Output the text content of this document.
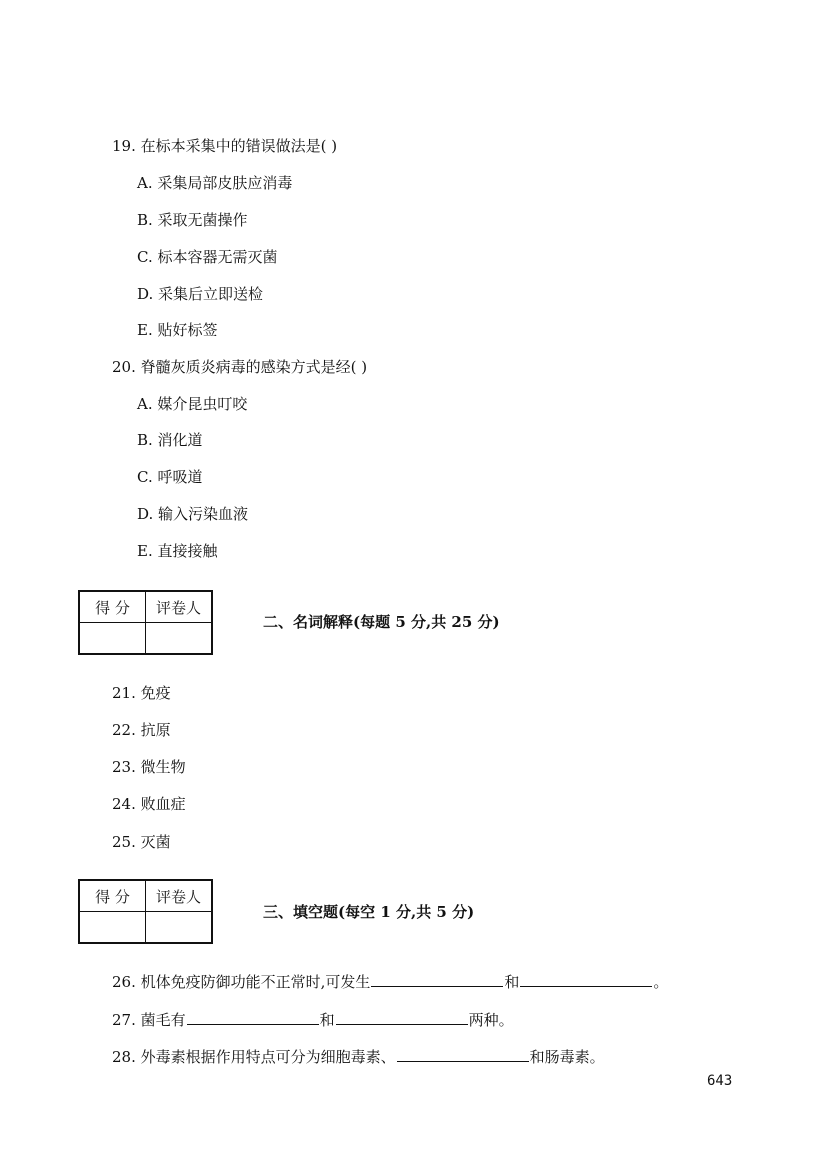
19. 在标本采集中的错误做法是( )
A. 采集局部皮肤应消毒
B. 采取无菌操作
C. 标本容器无需灭菌
D. 采集后立即送检
E. 贴好标签
20. 脊髓灰质炎病毒的感染方式是经( )
A. 媒介昆虫叮咬
B. 消化道
C. 呼吸道
D. 输入污染血液
E. 直接接触
得 分	评卷人

二、名词解释(每题 5 分,共 25 分)
21. 免疫
22. 抗原
23. 微生物
24. 败血症
25. 灭菌
得 分	评卷人

三、填空题(每空 1 分,共 5 分)
26. 机体免疫防御功能不正常时,可发生	和	。
27. 菌毛有	和	两种。
28. 外毒素根据作用特点可分为细胞毒素、	和肠毒素。
643
